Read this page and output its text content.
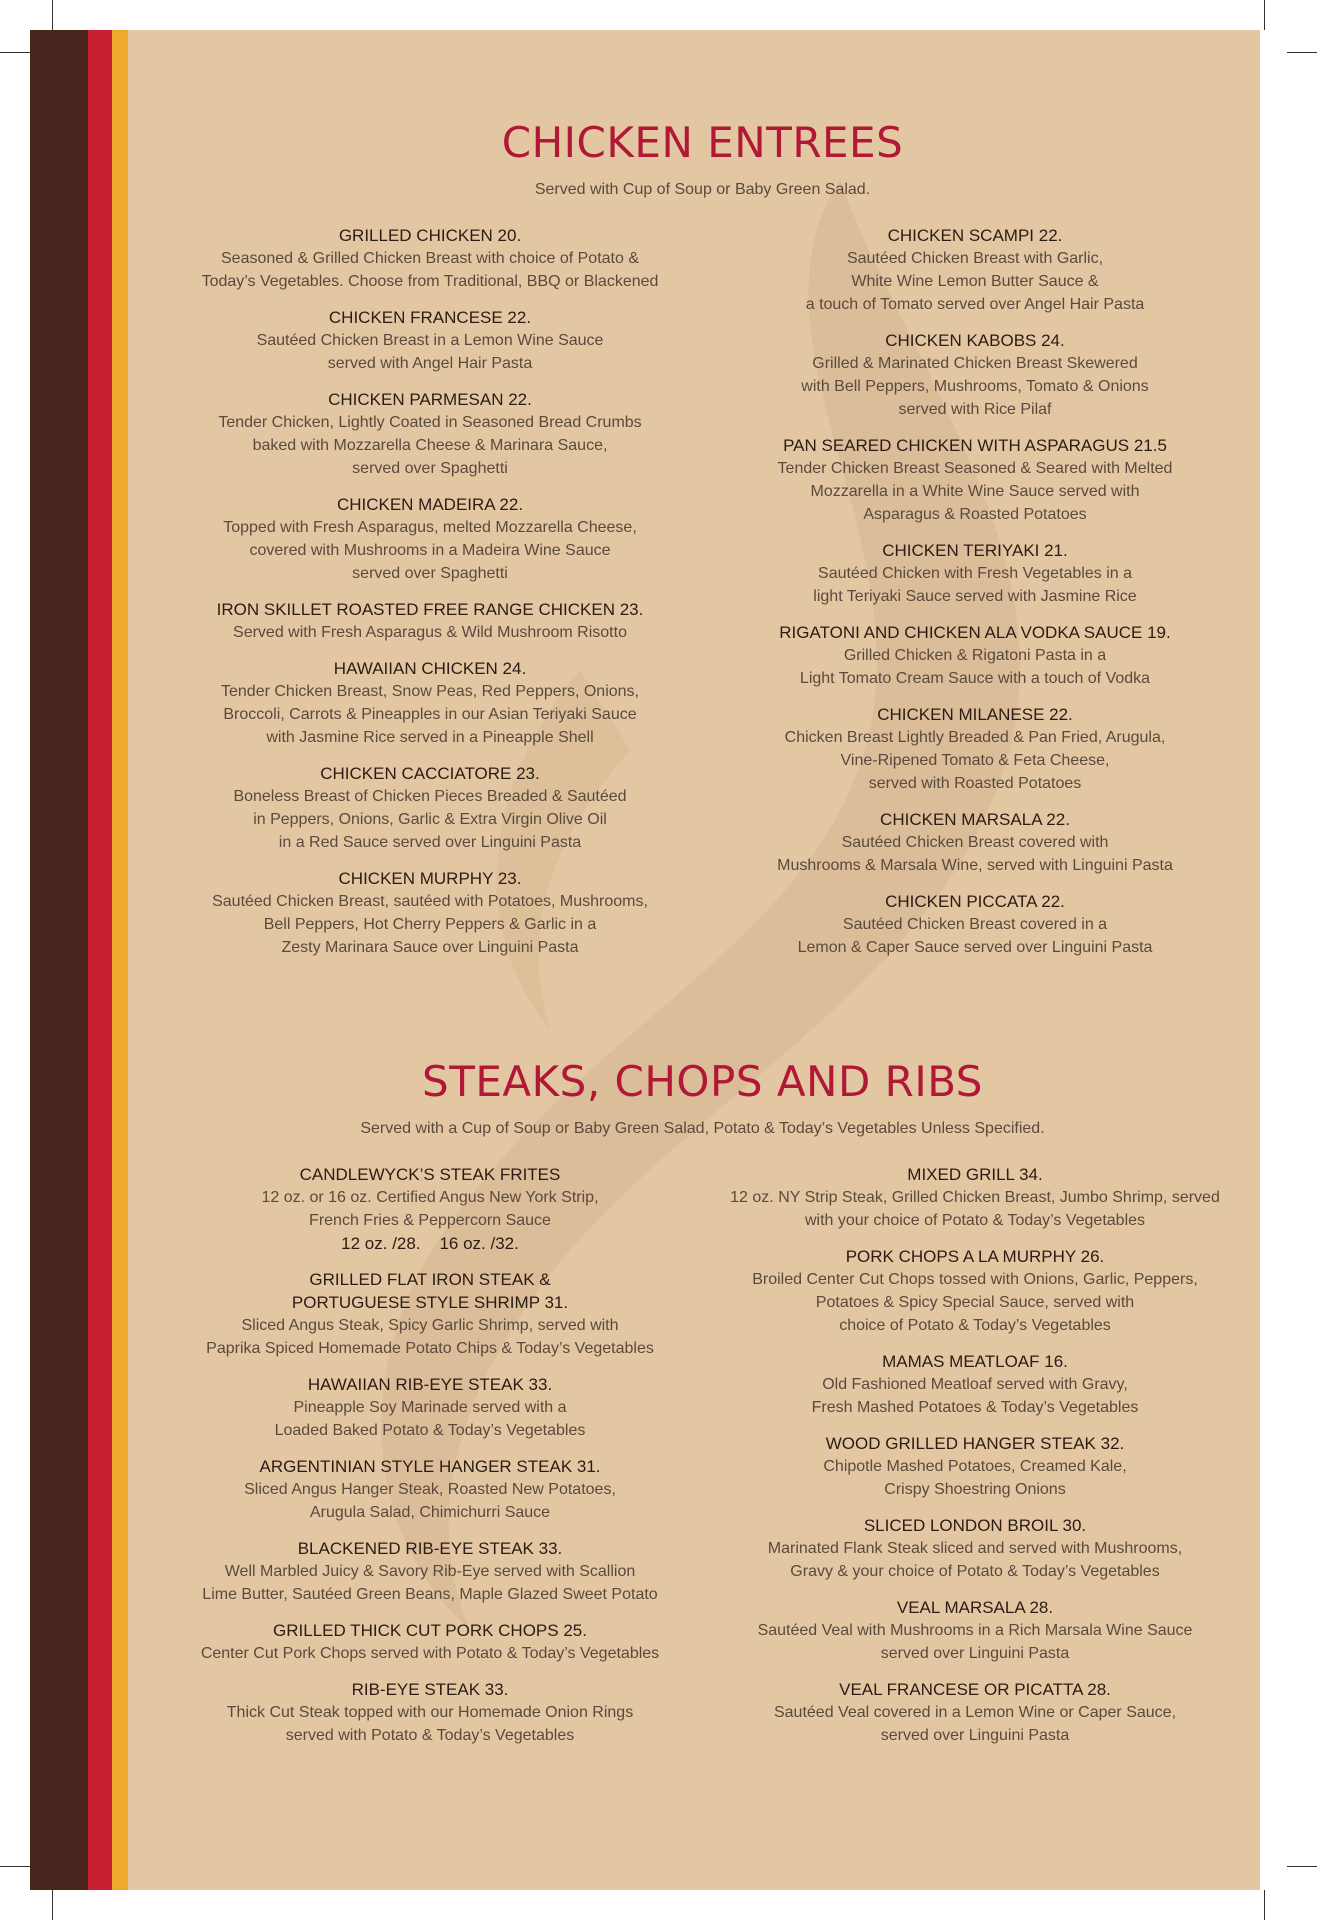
CHICKEN ENTREES

Served with Cup of Soup or Baby Green Salad.

GRILLED CHICKEN 20.
Seasoned & Grilled Chicken Breast with choice of Potato &
Today’s Vegetables. Choose from Traditional, BBQ or Blackened
CHICKEN FRANCESE 22.
Sautéed Chicken Breast in a Lemon Wine Sauce
served with Angel Hair Pasta
CHICKEN PARMESAN 22.
Tender Chicken, Lightly Coated in Seasoned Bread Crumbs
baked with Mozzarella Cheese & Marinara Sauce,
served over Spaghetti
CHICKEN MADEIRA 22.
Topped with Fresh Asparagus, melted Mozzarella Cheese,
covered with Mushrooms in a Madeira Wine Sauce
served over Spaghetti
IRON SKILLET ROASTED FREE RANGE CHICKEN 23.
Served with Fresh Asparagus & Wild Mushroom Risotto
HAWAIIAN CHICKEN 24.
Tender Chicken Breast, Snow Peas, Red Peppers, Onions,
Broccoli, Carrots & Pineapples in our Asian Teriyaki Sauce
with Jasmine Rice served in a Pineapple Shell
CHICKEN CACCIATORE 23.
Boneless Breast of Chicken Pieces Breaded & Sautéed
in Peppers, Onions, Garlic & Extra Virgin Olive Oil
in a Red Sauce served over Linguini Pasta
CHICKEN MURPHY 23.
Sautéed Chicken Breast, sautéed with Potatoes, Mushrooms,
Bell Peppers, Hot Cherry Peppers & Garlic in a
Zesty Marinara Sauce over Linguini Pasta
CHICKEN SCAMPI 22.
Sautéed Chicken Breast with Garlic,
White Wine Lemon Butter Sauce &
a touch of Tomato served over Angel Hair Pasta
CHICKEN KABOBS 24.
Grilled & Marinated Chicken Breast Skewered
with Bell Peppers, Mushrooms, Tomato & Onions
served with Rice Pilaf
PAN SEARED CHICKEN WITH ASPARAGUS 21.5
Tender Chicken Breast Seasoned & Seared with Melted
Mozzarella in a White Wine Sauce served with
Asparagus & Roasted Potatoes
CHICKEN TERIYAKI 21.
Sautéed Chicken with Fresh Vegetables in a
light Teriyaki Sauce served with Jasmine Rice
RIGATONI AND CHICKEN ALA VODKA SAUCE 19.
Grilled Chicken & Rigatoni Pasta in a
Light Tomato Cream Sauce with a touch of Vodka
CHICKEN MILANESE 22.
Chicken Breast Lightly Breaded & Pan Fried, Arugula,
Vine-Ripened Tomato & Feta Cheese,
served with Roasted Potatoes
CHICKEN MARSALA 22.
Sautéed Chicken Breast covered with
Mushrooms & Marsala Wine, served with Linguini Pasta
CHICKEN PICCATA 22.
Sautéed Chicken Breast covered in a
Lemon & Caper Sauce served over Linguini Pasta
STEAKS, CHOPS AND RIBS

Served with a Cup of Soup or Baby Green Salad, Potato & Today’s Vegetables Unless Specified.

CANDLEWYCK’S STEAK FRITES
12 oz. or 16 oz. Certified Angus New York Strip,
French Fries & Peppercorn Sauce
12 oz. /28.    16 oz. /32.
GRILLED FLAT IRON STEAK &
PORTUGUESE STYLE SHRIMP 31.
Sliced Angus Steak, Spicy Garlic Shrimp, served with
Paprika Spiced Homemade Potato Chips & Today’s Vegetables
HAWAIIAN RIB-EYE STEAK 33.
Pineapple Soy Marinade served with a
Loaded Baked Potato & Today’s Vegetables
ARGENTINIAN STYLE HANGER STEAK 31.
Sliced Angus Hanger Steak, Roasted New Potatoes,
Arugula Salad, Chimichurri Sauce
BLACKENED RIB-EYE STEAK 33.
Well Marbled Juicy & Savory Rib-Eye served with Scallion
Lime Butter, Sautéed Green Beans, Maple Glazed Sweet Potato
GRILLED THICK CUT PORK CHOPS 25.
Center Cut Pork Chops served with Potato & Today’s Vegetables
RIB-EYE STEAK 33.
Thick Cut Steak topped with our Homemade Onion Rings
served with Potato & Today’s Vegetables
MIXED GRILL 34.
12 oz. NY Strip Steak, Grilled Chicken Breast, Jumbo Shrimp, served
with your choice of Potato & Today’s Vegetables
PORK CHOPS A LA MURPHY 26.
Broiled Center Cut Chops tossed with Onions, Garlic, Peppers,
Potatoes & Spicy Special Sauce, served with
choice of Potato & Today’s Vegetables
MAMAS MEATLOAF 16.
Old Fashioned Meatloaf served with Gravy,
Fresh Mashed Potatoes & Today’s Vegetables
WOOD GRILLED HANGER STEAK 32.
Chipotle Mashed Potatoes, Creamed Kale,
Crispy Shoestring Onions
SLICED LONDON BROIL 30.
Marinated Flank Steak sliced and served with Mushrooms,
Gravy & your choice of Potato & Today’s Vegetables
VEAL MARSALA 28.
Sautéed Veal with Mushrooms in a Rich Marsala Wine Sauce
served over Linguini Pasta
VEAL FRANCESE OR PICATTA 28.
Sautéed Veal covered in a Lemon Wine or Caper Sauce,
served over Linguini Pasta
